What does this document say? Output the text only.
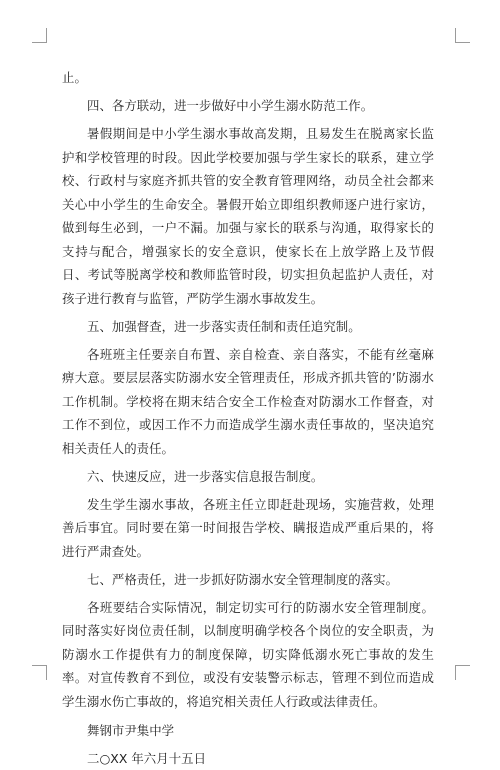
止。

四、各方联动，进一步做好中小学生溺水防范工作。

暑假期间是中小学生溺水事故高发期，且易发生在脱离家长监护和学校管理的时段。因此学校要加强与学生家长的联系，建立学校、行政村与家庭齐抓共管的安全教育管理网络，动员全社会都来关心中小学生的生命安全。暑假开始立即组织教师逐户进行家访，做到每生必到，一户不漏。加强与家长的联系与沟通，取得家长的支持与配合，增强家长的安全意识，使家长在上放学路上及节假日、考试等脱离学校和教师监管时段，切实担负起监护人责任，对孩子进行教育与监管，严防学生溺水事故发生。

五、加强督查，进一步落实责任制和责任追究制。

各班班主任要亲自布置、亲自检查、亲自落实，不能有丝毫麻痹大意。要层层落实防溺水安全管理责任，形成齐抓共管的’防溺水工作机制。学校将在期末结合安全工作检查对防溺水工作督查，对工作不到位，或因工作不力而造成学生溺水责任事故的，坚决追究相关责任人的责任。

六、快速反应，进一步落实信息报告制度。

发生学生溺水事故，各班主任立即赶赴现场，实施营救，处理善后事宜。同时要在第一时间报告学校、瞒报造成严重后果的，将进行严肃查处。

七、严格责任，进一步抓好防溺水安全管理制度的落实。

各班要结合实际情况，制定切实可行的防溺水安全管理制度。同时落实好岗位责任制，以制度明确学校各个岗位的安全职责，为防溺水工作提供有力的制度保障，切实降低溺水死亡事故的发生率。对宣传教育不到位，或没有安装警示标志，管理不到位而造成学生溺水伤亡事故的，将追究相关责任人行政或法律责任。

舞钢市尹集中学

二○XX 年六月十五日
